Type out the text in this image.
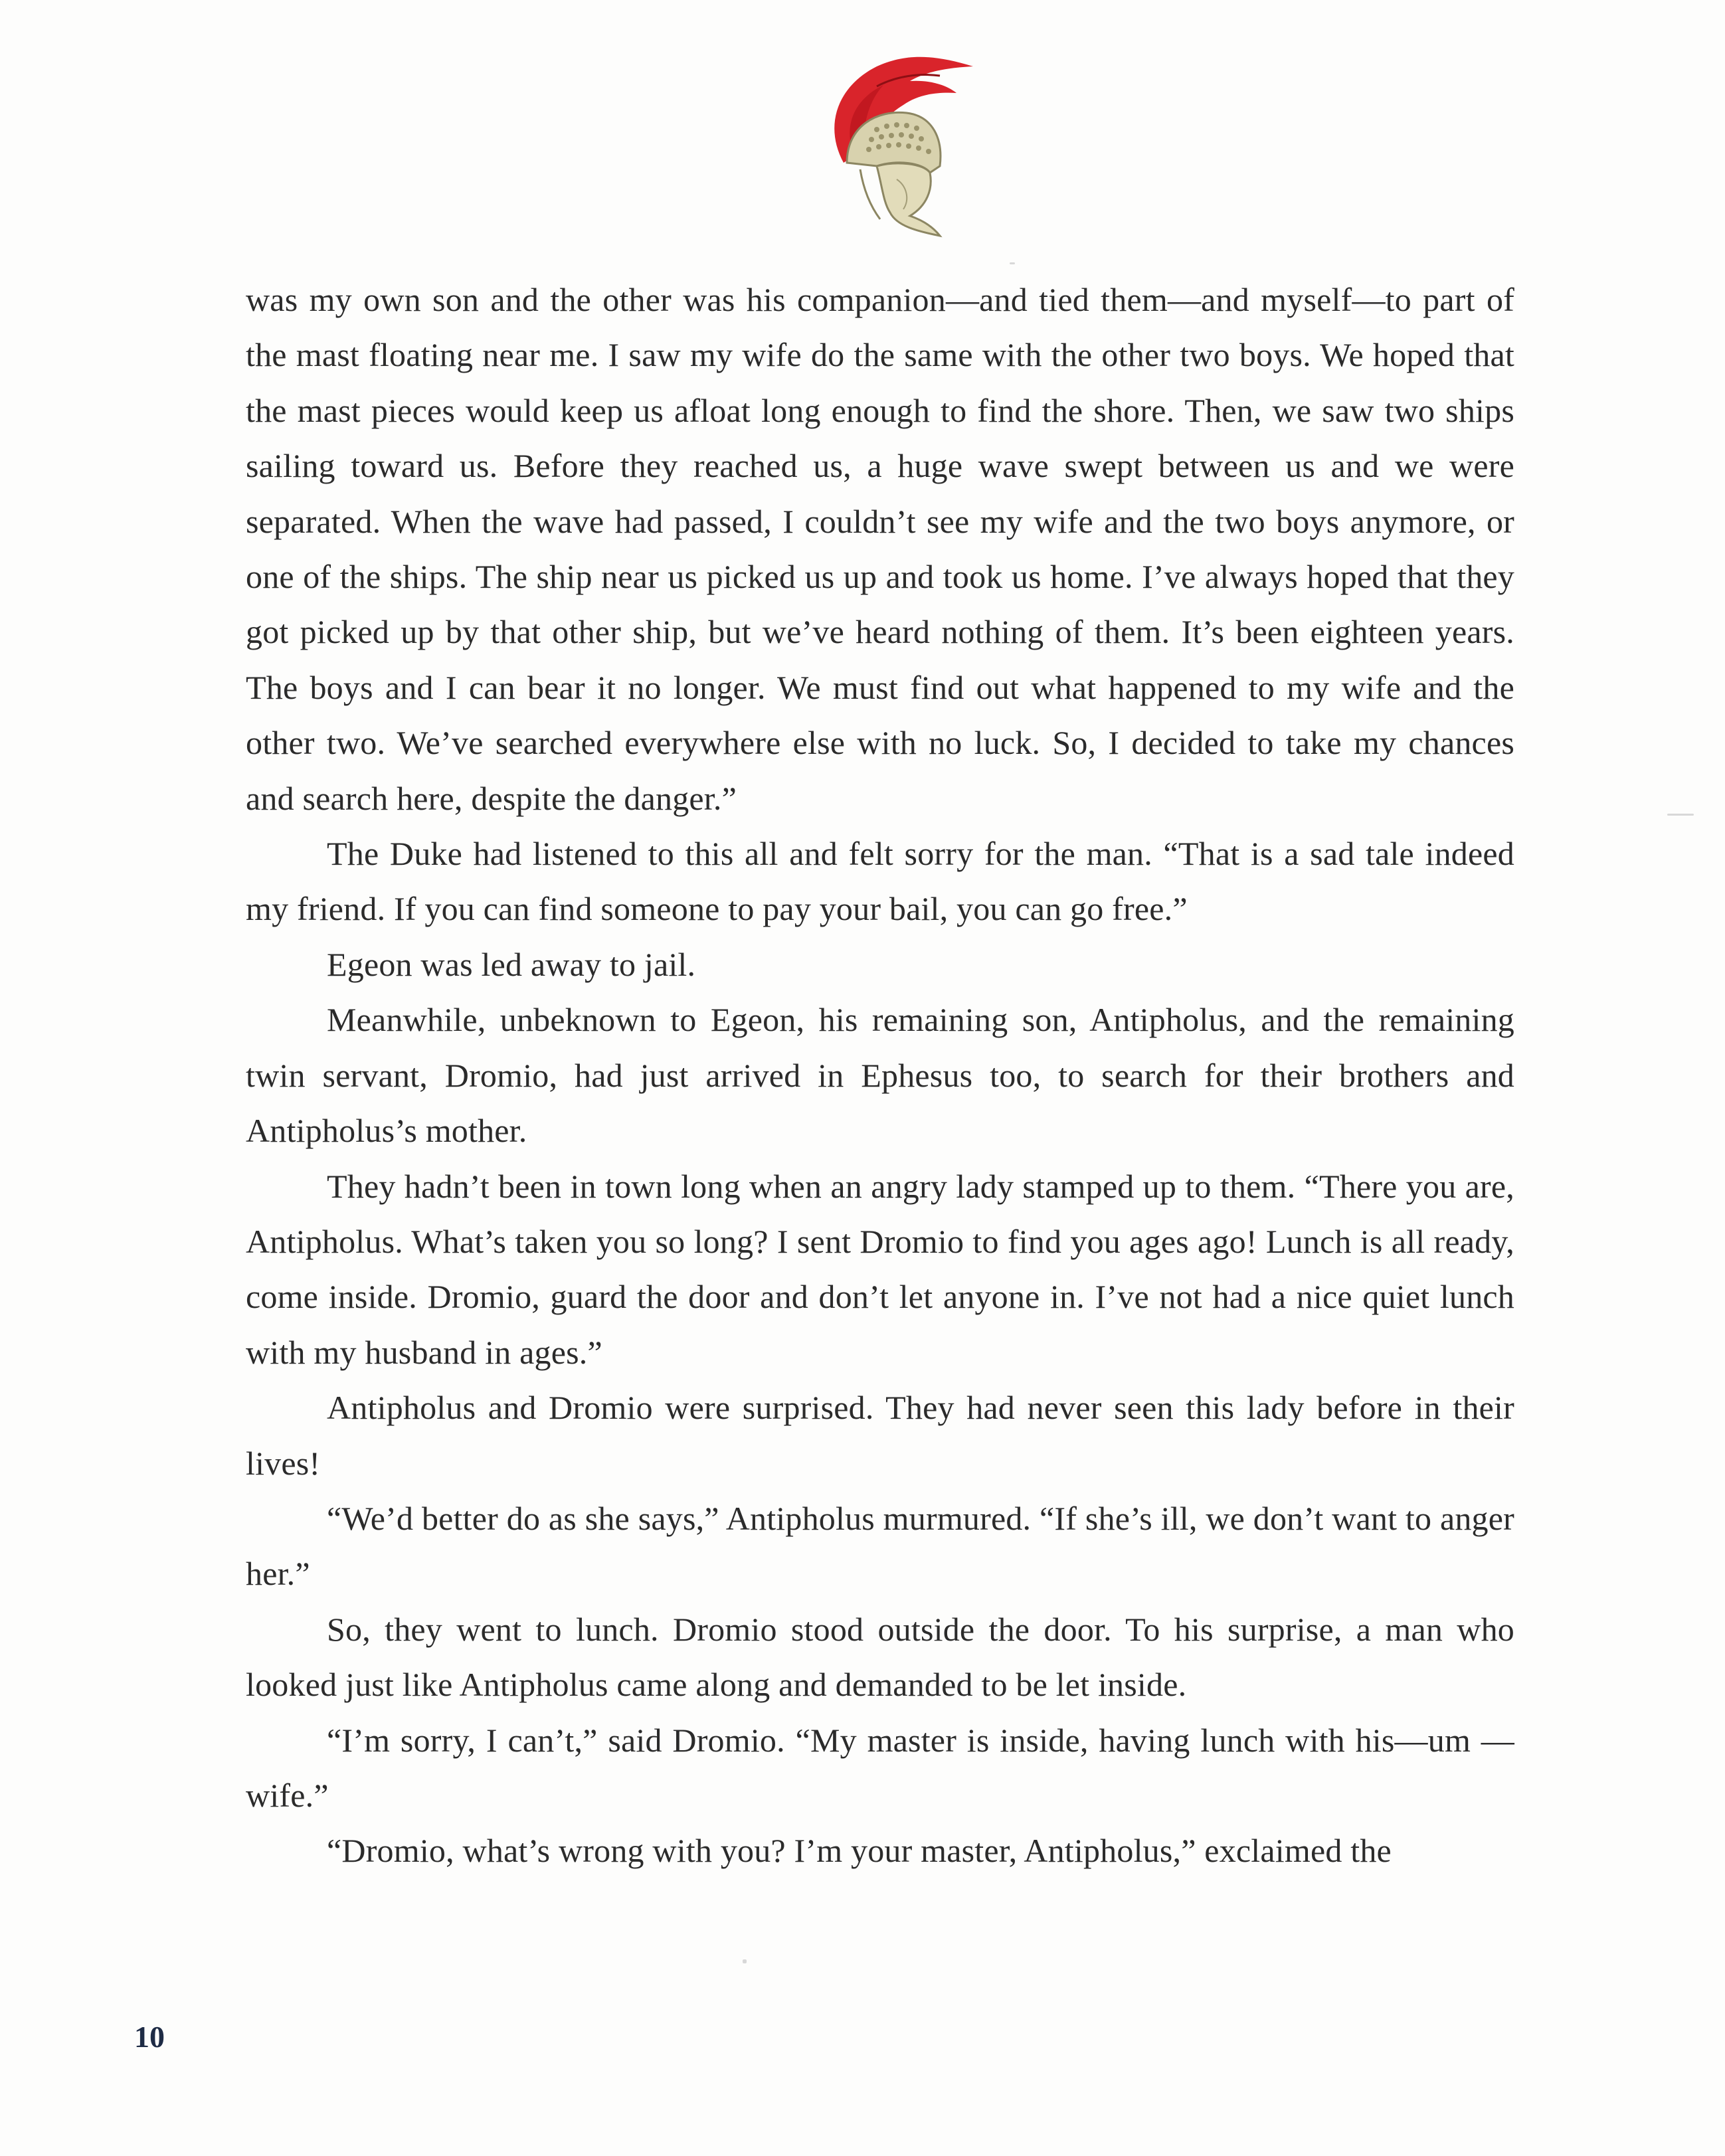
was my own son and the other was his companion—and tied them—and myself—to part of the mast floating near me. I saw my wife do the same with the other two boys. We hoped that the mast pieces would keep us afloat long enough to find the shore. Then, we saw two ships sailing toward us. Before they reached us, a huge wave swept between us and we were separated. When the wave had passed, I couldn’t see my wife and the two boys anymore, or one of the ships. The ship near us picked us up and took us home. I’ve always hoped that they got picked up by that other ship, but we’ve heard nothing of them. It’s been eighteen years. The boys and I can bear it no longer. We must find out what happened to my wife and the other two. We’ve searched everywhere else with no luck. So, I decided to take my chances and search here, despite the danger.”

The Duke had listened to this all and felt sorry for the man. “That is a sad tale indeed my friend. If you can find someone to pay your bail, you can go free.”

Egeon was led away to jail.

Meanwhile, unbeknown to Egeon, his remaining son, Antipholus, and the remaining twin servant, Dromio, had just arrived in Ephesus too, to search for their brothers and Antipholus’s mother.

They hadn’t been in town long when an angry lady stamped up to them. “There you are, Antipholus. What’s taken you so long? I sent Dromio to find you ages ago! Lunch is all ready, come inside. Dromio, guard the door and don’t let anyone in. I’ve not had a nice quiet lunch with my husband in ages.”

Antipholus and Dromio were surprised. They had never seen this lady before in their lives!

“We’d better do as she says,” Antipholus murmured. “If she’s ill, we don’t want to anger her.”

So, they went to lunch. Dromio stood outside the door. To his surprise, a man who looked just like Antipholus came along and demanded to be let inside.

“I’m sorry, I can’t,” said Dromio. “My master is inside, having lunch with his—um —wife.”

“Dromio, what’s wrong with you? I’m your master, Antipholus,” exclaimed the

10
